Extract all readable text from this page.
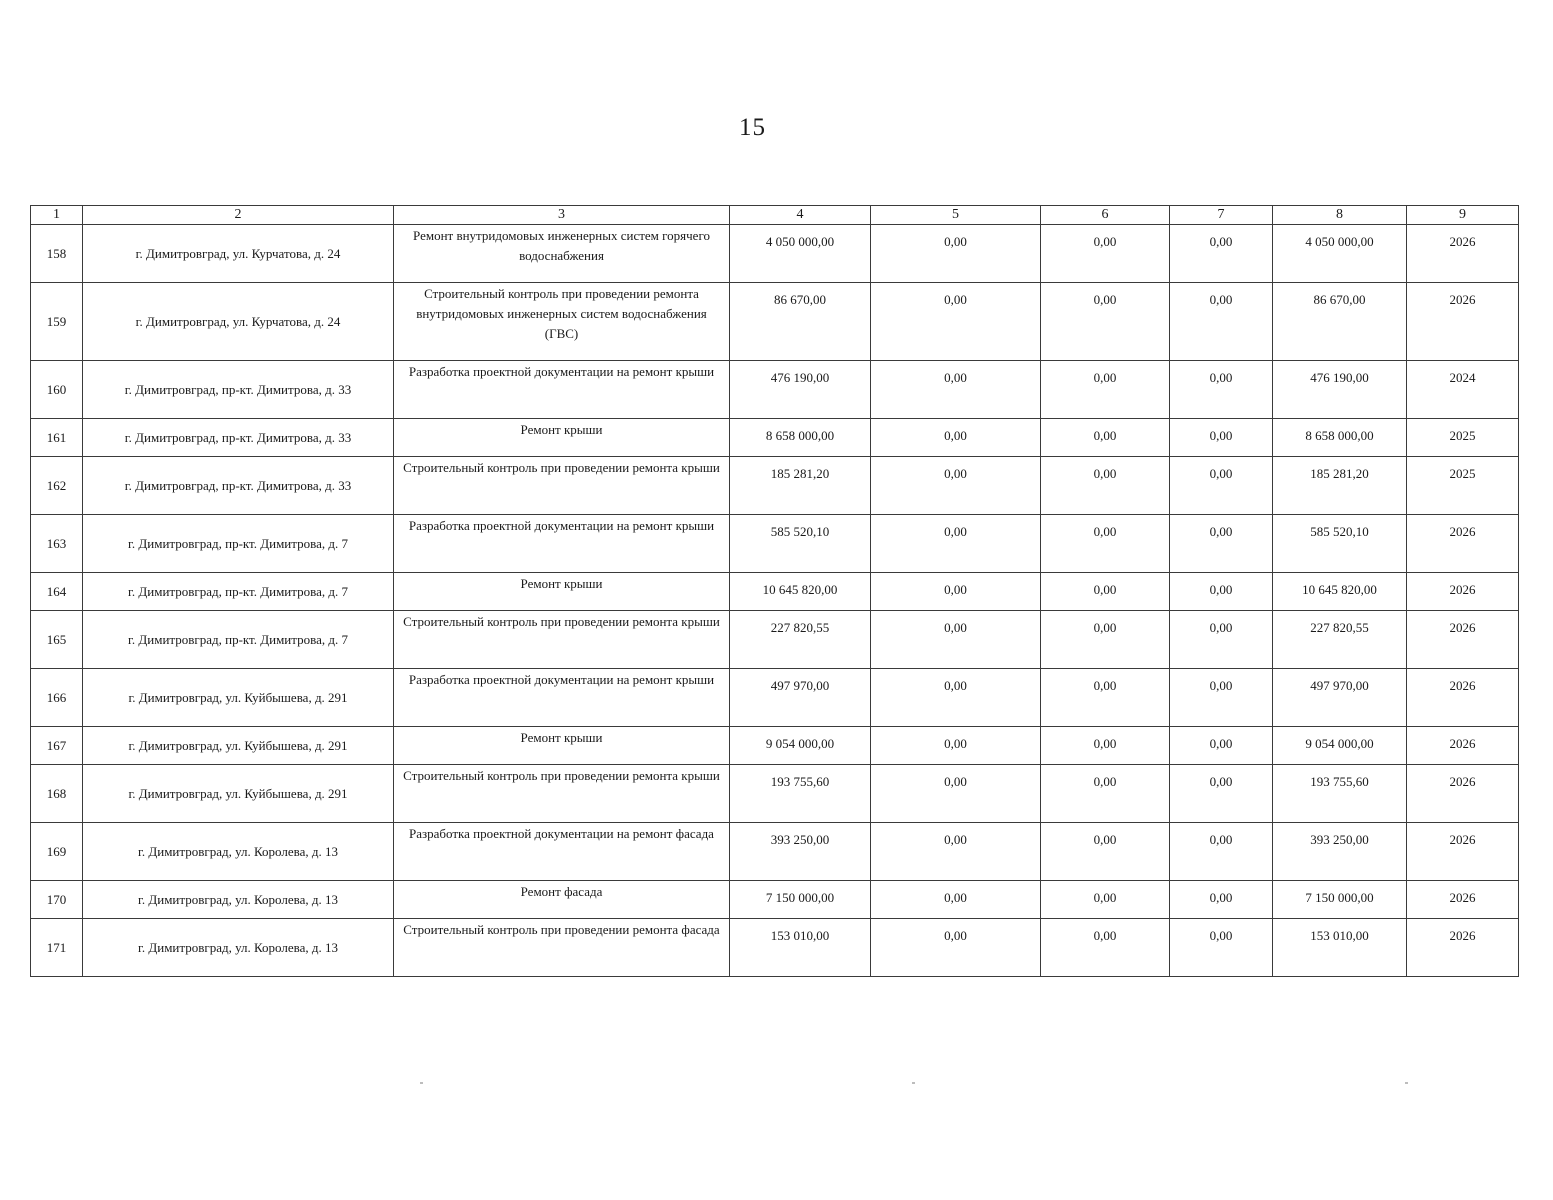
15
1	2	3	4	5	6	7	8	9
158	г. Димитровград, ул. Курчатова, д. 24	Ремонт внутридомовых инженерных систем горячего водоснабжения	4 050 000,00	0,00	0,00	0,00	4 050 000,00	2026
159	г. Димитровград, ул. Курчатова, д. 24	Строительный контроль при проведении ремонта внутридомовых инженерных систем водоснабжения (ГВС)	86 670,00	0,00	0,00	0,00	86 670,00	2026
160	г. Димитровград, пр-кт. Димитрова, д. 33	Разработка проектной документации на ремонт крыши	476 190,00	0,00	0,00	0,00	476 190,00	2024
161	г. Димитровград, пр-кт. Димитрова, д. 33	Ремонт крыши	8 658 000,00	0,00	0,00	0,00	8 658 000,00	2025
162	г. Димитровград, пр-кт. Димитрова, д. 33	Строительный контроль при проведении ремонта крыши	185 281,20	0,00	0,00	0,00	185 281,20	2025
163	г. Димитровград, пр-кт. Димитрова, д. 7	Разработка проектной документации на ремонт крыши	585 520,10	0,00	0,00	0,00	585 520,10	2026
164	г. Димитровград, пр-кт. Димитрова, д. 7	Ремонт крыши	10 645 820,00	0,00	0,00	0,00	10 645 820,00	2026
165	г. Димитровград, пр-кт. Димитрова, д. 7	Строительный контроль при проведении ремонта крыши	227 820,55	0,00	0,00	0,00	227 820,55	2026
166	г. Димитровград, ул. Куйбышева, д. 291	Разработка проектной документации на ремонт крыши	497 970,00	0,00	0,00	0,00	497 970,00	2026
167	г. Димитровград, ул. Куйбышева, д. 291	Ремонт крыши	9 054 000,00	0,00	0,00	0,00	9 054 000,00	2026
168	г. Димитровград, ул. Куйбышева, д. 291	Строительный контроль при проведении ремонта крыши	193 755,60	0,00	0,00	0,00	193 755,60	2026
169	г. Димитровград, ул. Королева, д. 13	Разработка проектной документации на ремонт фасада	393 250,00	0,00	0,00	0,00	393 250,00	2026
170	г. Димитровград, ул. Королева, д. 13	Ремонт фасада	7 150 000,00	0,00	0,00	0,00	7 150 000,00	2026
171	г. Димитровград, ул. Королева, д. 13	Строительный контроль при проведении ремонта фасада	153 010,00	0,00	0,00	0,00	153 010,00	2026
